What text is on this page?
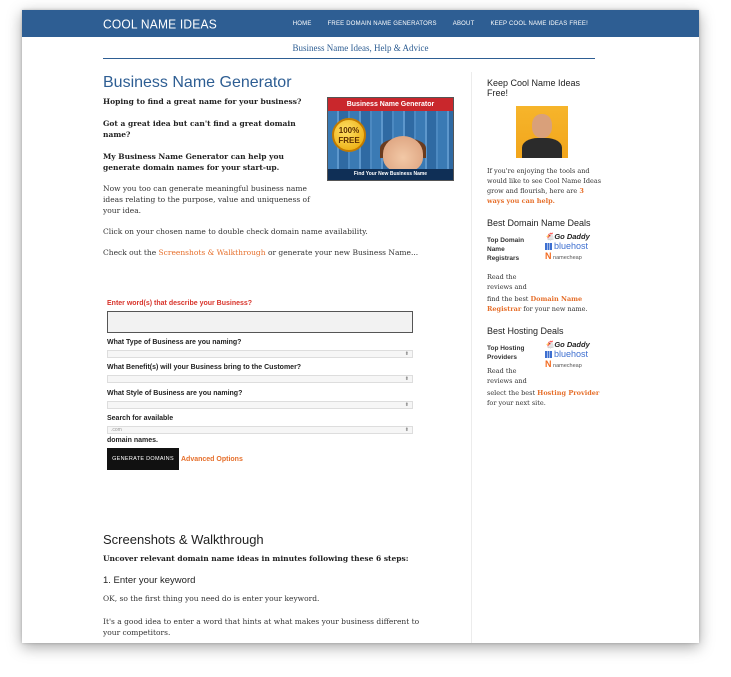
COOL NAME IDEAS	HOME	FREE DOMAIN NAME GENERATORS	ABOUT	KEEP COOL NAME IDEAS FREE!
Business Name Ideas, Help & Advice
Business Name Generator

Hoping to find a great name for your business?

Got a great idea but can't find a great domain name?

My Business Name Generator can help you generate domain names for your start-up.

Now you too can generate meaningful business name ideas relating to the purpose, value and uniqueness of your idea.

Click on your chosen name to double check domain name availability.

Check out the Screenshots & Walkthrough or generate your new Business Name...

Business Name Generator
100%
FREE
Find Your New Business Name
Enter word(s) that describe your Business?
What Type of Business are you naming?
⬍
What Benefit(s) will your Business bring to the Customer?
⬍
What Style of Business are you naming?
⬍
Search for available
.com	⬍
domain names.
GENERATE DOMAINS	Advanced Options
Screenshots & Walkthrough

Uncover relevant domain name ideas in minutes following these 6 steps:

1. Enter your keyword

OK, so the first thing you need do is enter your keyword.

It's a good idea to enter a word that hints at what makes your business different to your competitors.

Keep Cool Name Ideas Free!

If you're enjoying the tools and would like to see Cool Name Ideas grow and flourish, here are 3 ways you can help.

Best Domain Name Deals
Top Domain Name Registrars
🐔Go Daddy
bluehost
N namecheap
Read the reviews and

find the best Domain Name Registrar for your new name.

Best Hosting Deals
Top Hosting Providers
🐔Go Daddy
bluehost
N namecheap
Read the reviews and

select the best Hosting Provider for your next site.
